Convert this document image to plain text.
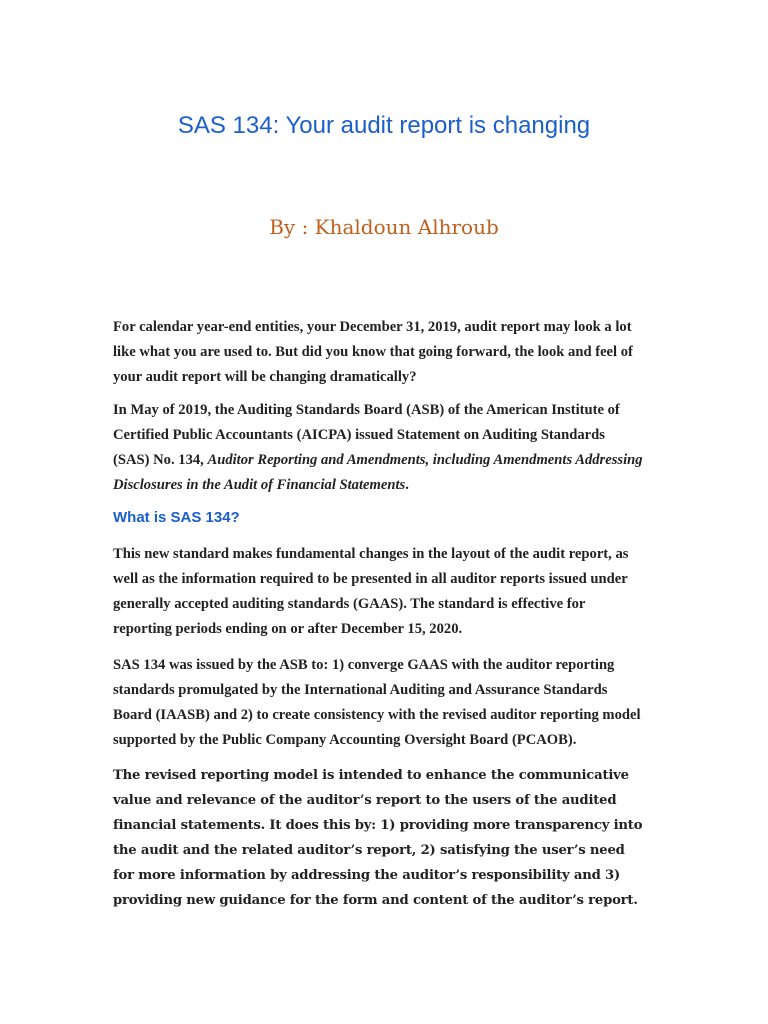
SAS 134: Your audit report is changing
By : Khaldoun Alhroub

For calendar year-end entities, your December 31, 2019, audit report may look a lot like what you are used to. But did you know that going forward, the look and feel of your audit report will be changing dramatically?

In May of 2019, the Auditing Standards Board (ASB) of the American Institute of Certified Public Accountants (AICPA) issued Statement on Auditing Standards (SAS) No. 134, Auditor Reporting and Amendments, including Amendments Addressing Disclosures in the Audit of Financial Statements.

What is SAS 134?

This new standard makes fundamental changes in the layout of the audit report, as well as the information required to be presented in all auditor reports issued under generally accepted auditing standards (GAAS). The standard is effective for reporting periods ending on or after December 15, 2020.

SAS 134 was issued by the ASB to: 1) converge GAAS with the auditor reporting standards promulgated by the International Auditing and Assurance Standards Board (IAASB) and 2) to create consistency with the revised auditor reporting model supported by the Public Company Accounting Oversight Board (PCAOB).

The revised reporting model is intended to enhance the communicative value and relevance of the auditor’s report to the users of the audited financial statements. It does this by: 1) providing more transparency into the audit and the related auditor’s report, 2) satisfying the user’s need for more information by addressing the auditor’s responsibility and 3) providing new guidance for the form and content of the auditor’s report.
